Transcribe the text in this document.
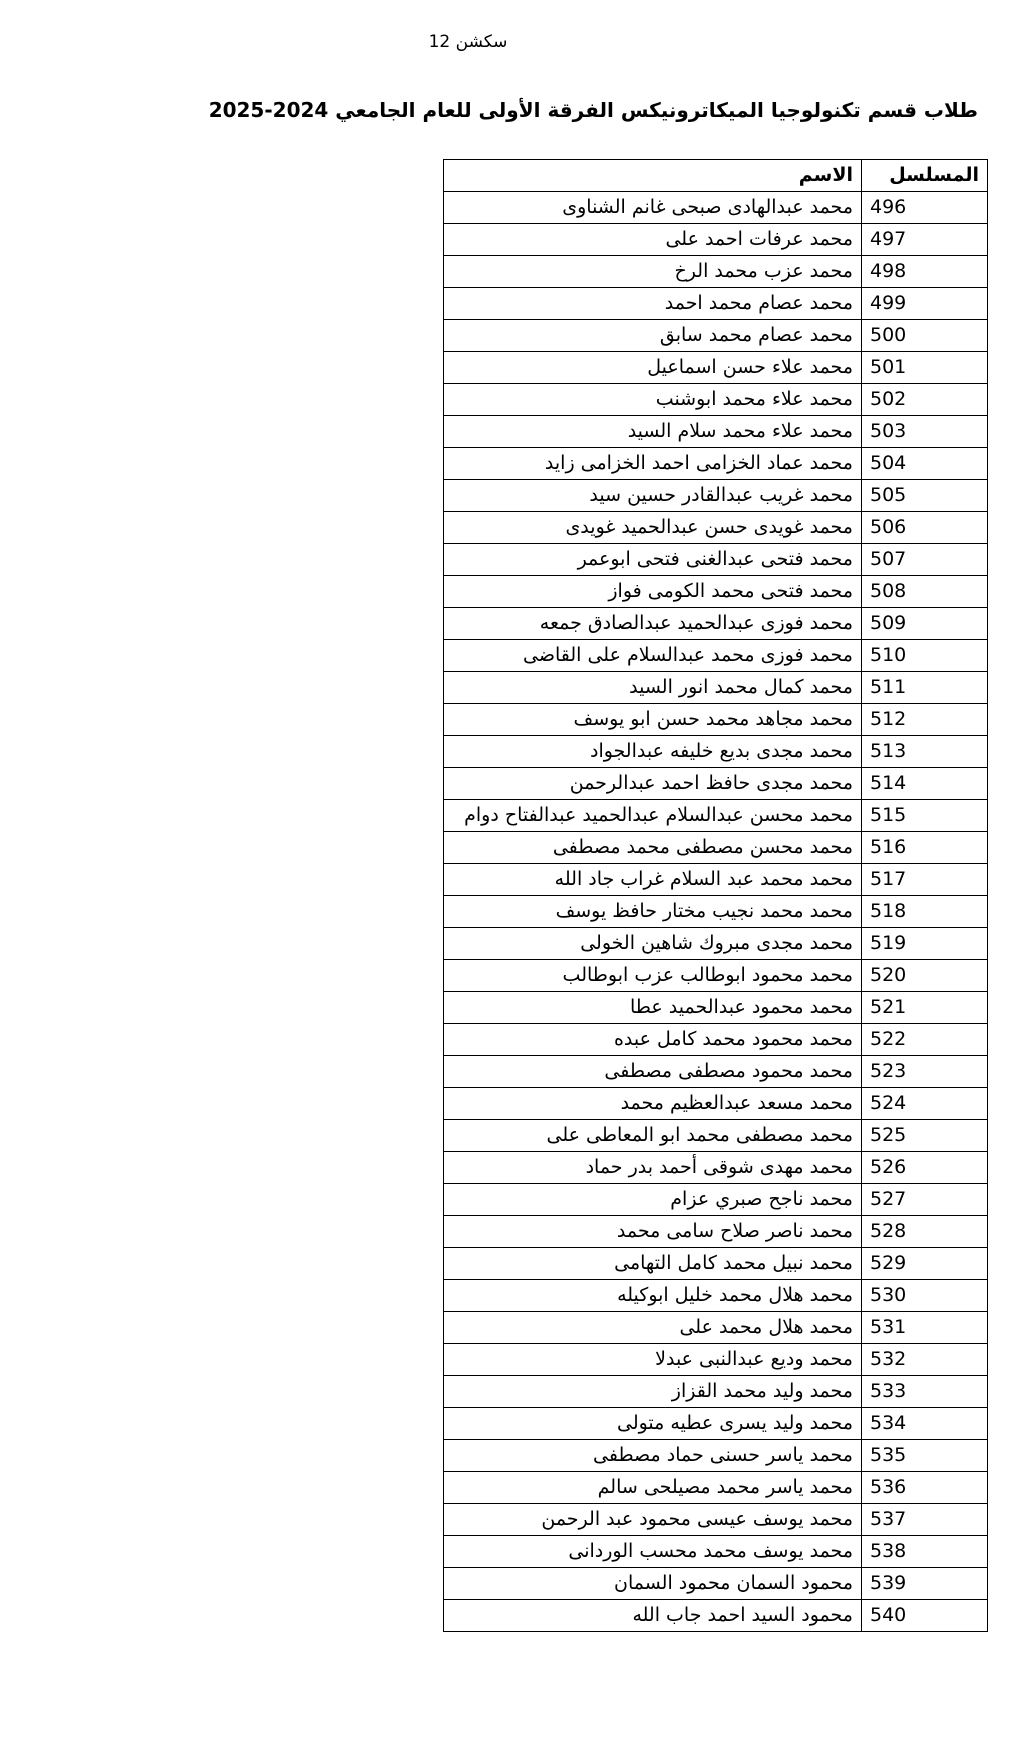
سكشن 12
طلاب قسم تكنولوجيا الميكاترونيكس الفرقة الأولى للعام الجامعي 2024-2025
المسلسل	الاسم
496	محمد عبدالهادى صبحى غانم الشناوى
497	محمد عرفات احمد على
498	محمد عزب محمد الرخ
499	محمد عصام محمد احمد
500	محمد عصام محمد سابق
501	محمد علاء حسن اسماعيل
502	محمد علاء محمد ابوشنب
503	محمد علاء محمد سلام السيد
504	محمد عماد الخزامى احمد الخزامى زايد
505	محمد غريب عبدالقادر حسين سيد
506	محمد غويدى حسن عبدالحميد غويدى
507	محمد فتحى عبدالغنى فتحى ابوعمر
508	محمد فتحى محمد الكومى فواز
509	محمد فوزى عبدالحميد عبدالصادق جمعه
510	محمد فوزى محمد عبدالسلام على القاضى
511	محمد كمال محمد انور السيد
512	محمد مجاهد محمد حسن ابو يوسف
513	محمد مجدى بديع خليفه عبدالجواد
514	محمد مجدى حافظ احمد عبدالرحمن
515	محمد محسن عبدالسلام عبدالحميد عبدالفتاح دوام
516	محمد محسن مصطفى محمد مصطفى
517	محمد محمد عبد السلام غراب جاد الله
518	محمد محمد نجيب مختار حافظ يوسف
519	محمد مجدى مبروك شاهين الخولى
520	محمد محمود ابوطالب عزب ابوطالب
521	محمد محمود عبدالحميد عطا
522	محمد محمود محمد كامل عبده
523	محمد محمود مصطفى مصطفى
524	محمد مسعد عبدالعظيم محمد
525	محمد مصطفى محمد ابو المعاطى على
526	محمد مهدى شوقى أحمد بدر حماد
527	محمد ناجح صبري عزام
528	محمد ناصر صلاح سامى محمد
529	محمد نبيل محمد كامل التهامى
530	محمد هلال محمد خليل ابوكيله
531	محمد هلال محمد على
532	محمد وديع عبدالنبى عبدلا
533	محمد وليد محمد القزاز
534	محمد وليد يسرى عطيه متولى
535	محمد ياسر حسنى حماد مصطفى
536	محمد ياسر محمد مصيلحى سالم
537	محمد يوسف عيسى محمود عبد الرحمن
538	محمد يوسف محمد محسب الوردانى
539	محمود السمان محمود السمان
540	محمود السيد احمد جاب الله
